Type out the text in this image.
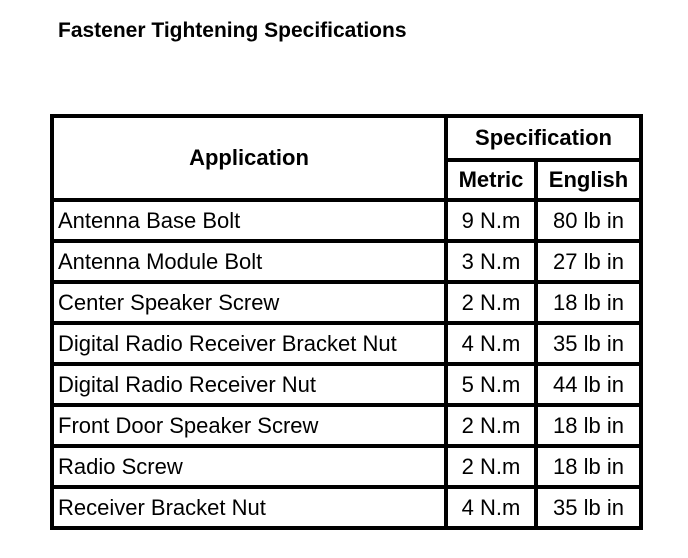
Fastener Tightening Specifications
Application	Specification	
	Metric	English
Antenna Base Bolt	9 N.m	80 lb in
Antenna Module Bolt	3 N.m	27 lb in
Center Speaker Screw	2 N.m	18 lb in
Digital Radio Receiver Bracket Nut	4 N.m	35 lb in
Digital Radio Receiver Nut	5 N.m	44 lb in
Front Door Speaker Screw	2 N.m	18 lb in
Radio Screw	2 N.m	18 lb in
Receiver Bracket Nut	4 N.m	35 lb in
